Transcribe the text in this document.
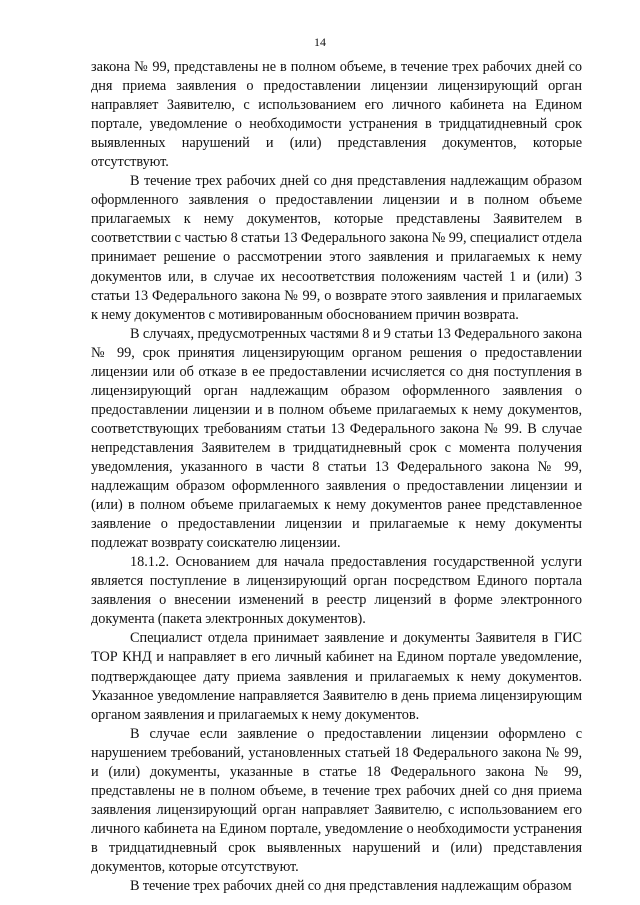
14

закона № 99, представлены не в полном объеме, в течение трех рабочих дней со дня приема заявления о предоставлении лицензии лицензирующий орган направляет Заявителю, с использованием его личного кабинета на Едином портале, уведомление о необходимости устранения в тридцатидневный срок выявленных нарушений и (или) представления документов, которые отсутствуют.

В течение трех рабочих дней со дня представления надлежащим образом оформленного заявления о предоставлении лицензии и в полном объеме прилагаемых к нему документов, которые представлены Заявителем в соответствии с частью 8 статьи 13 Федерального закона № 99, специалист отдела принимает решение о рассмотрении этого заявления и прилагаемых к нему документов или, в случае их несоответствия положениям частей 1 и (или) 3 статьи 13 Федерального закона № 99, о возврате этого заявления и прилагаемых к нему документов с мотивированным обоснованием причин возврата.

В случаях, предусмотренных частями 8 и 9 статьи 13 Федерального закона № 99, срок принятия лицензирующим органом решения о предоставлении лицензии или об отказе в ее предоставлении исчисляется со дня поступления в лицензирующий орган надлежащим образом оформленного заявления о предоставлении лицензии и в полном объеме прилагаемых к нему документов, соответствующих требованиям статьи 13 Федерального закона № 99. В случае непредставления Заявителем в тридцатидневный срок с момента получения уведомления, указанного в части 8 статьи 13 Федерального закона № 99, надлежащим образом оформленного заявления о предоставлении лицензии и (или) в полном объеме прилагаемых к нему документов ранее представленное заявление о предоставлении лицензии и прилагаемые к нему документы подлежат возврату соискателю лицензии.

18.1.2. Основанием для начала предоставления государственной услуги является поступление в лицензирующий орган посредством Единого портала заявления о внесении изменений в реестр лицензий в форме электронного документа (пакета электронных документов).

Специалист отдела принимает заявление и документы Заявителя в ГИС ТОР КНД и направляет в его личный кабинет на Едином портале уведомление, подтверждающее дату приема заявления и прилагаемых к нему документов. Указанное уведомление направляется Заявителю в день приема лицензирующим органом заявления и прилагаемых к нему документов.

В случае если заявление о предоставлении лицензии оформлено с нарушением требований, установленных статьей 18 Федерального закона № 99, и (или) документы, указанные в статье 18 Федерального закона № 99, представлены не в полном объеме, в течение трех рабочих дней со дня приема заявления лицензирующий орган направляет Заявителю, с использованием его личного кабинета на Едином портале, уведомление о необходимости устранения в тридцатидневный срок выявленных нарушений и (или) представления документов, которые отсутствуют.

В течение трех рабочих дней со дня представления надлежащим образом
